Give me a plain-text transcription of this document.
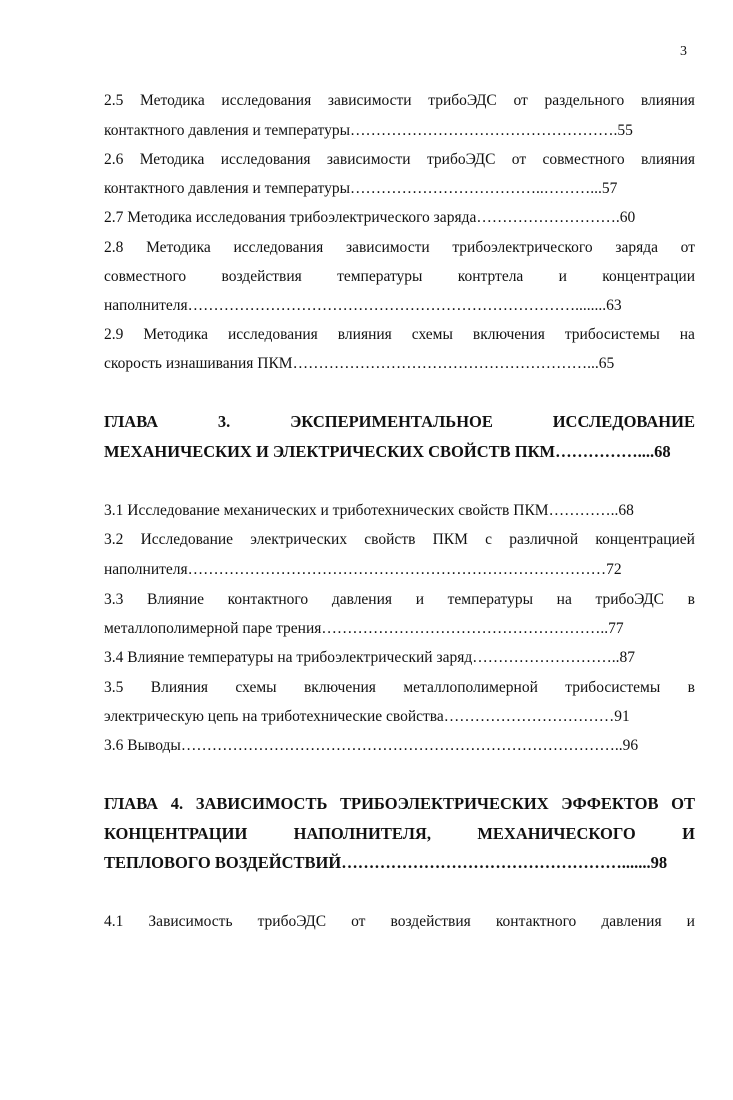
3
2.5 Методика исследования зависимости трибоЭДС от раздельного влияния
контактного давления и температуры…………………………………………….55
2.6 Методика исследования зависимости трибоЭДС от совместного влияния
контактного давления и температуры………………………………..………...57
2.7 Методика исследования трибоэлектрического заряда……………………….60
2.8 Методика исследования зависимости трибоэлектрического заряда от
совместного воздействия температуры контртела и концентрации
наполнителя…………………………………………………………………........63
2.9 Методика исследования влияния схемы включения трибосистемы на
скорость изнашивания ПКМ…………………………………………………...65
ГЛАВА	3.	ЭКСПЕРИМЕНТАЛЬНОЕ	ИССЛЕДОВАНИЕ
МЕХАНИЧЕСКИХ И ЭЛЕКТРИЧЕСКИХ СВОЙСТВ ПКМ……………....68
3.1 Исследование механических и триботехнических свойств ПКМ…………..68
3.2 Исследование электрических свойств ПКМ с различной концентрацией
наполнителя………………………………………………………………………72
3.3 Влияние контактного давления и температуры на трибоЭДС в
металлополимерной паре трения………………………………………………..77
3.4 Влияние температуры на трибоэлектрический заряд………………………..87
3.5 Влияния схемы включения металлополимерной трибосистемы в
электрическую цепь на триботехнические свойства……………………………91
3.6 Выводы…………………………………………………………………………..96
ГЛАВА 4. ЗАВИСИМОСТЬ ТРИБОЭЛЕКТРИЧЕСКИХ ЭФФЕКТОВ ОТ
КОНЦЕНТРАЦИИ	НАПОЛНИТЕЛЯ,	МЕХАНИЧЕСКОГО	И
ТЕПЛОВОГО ВОЗДЕЙСТВИЙ…………………………………………….......98
4.1 Зависимость трибоЭДС от воздействия контактного давления и
